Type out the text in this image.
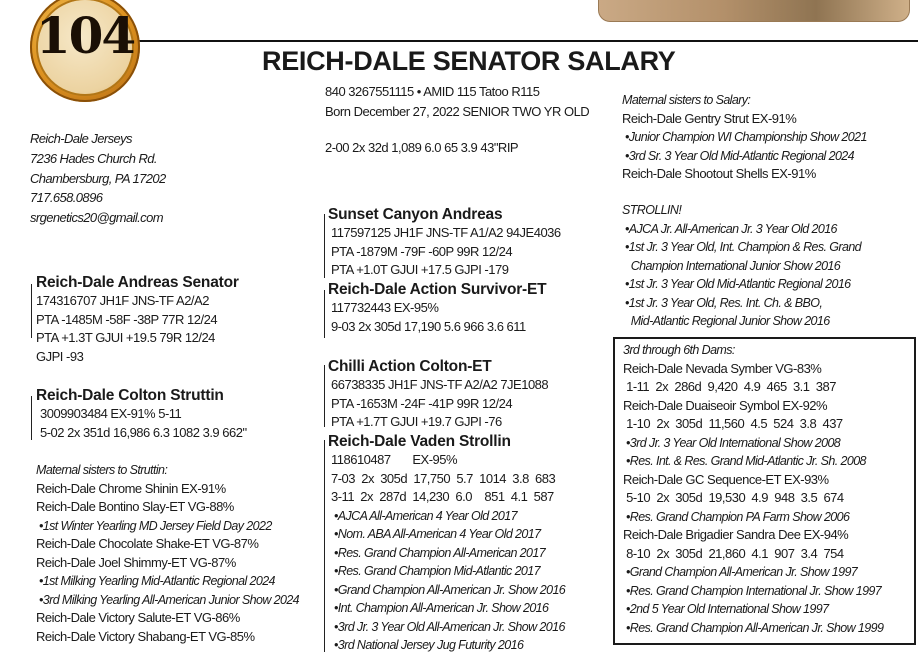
104	REICH-DALE SENATOR SALARY
Reich-Dale Jerseys
7236 Hades Church Rd.
Chambersburg, PA 17202
717.658.0896
srgenetics20@gmail.com
840 3267551115 • AMID 115 Tatoo R115
Born December 27, 2022 SENIOR TWO YR OLD
2-00 2x 32d 1,089 6.0 65 3.9 43"RIP
Reich-Dale Andreas Senator
174316707 JH1F JNS-TF A2/A2
PTA -1485M -58F -38P 77R 12/24
PTA +1.3T GJUI +19.5 79R 12/24
GJPI -93
Reich-Dale Colton Struttin
3009903484 EX-91% 5-11
5-02 2x 351d 16,986 6.3 1082 3.9 662"
Maternal sisters to Struttin:
Reich-Dale Chrome Shinin EX-91%
Reich-Dale Bontino Slay-ET VG-88%
•1st Winter Yearling MD Jersey Field Day 2022
Reich-Dale Chocolate Shake-ET VG-87%
Reich-Dale Joel Shimmy-ET VG-87%
•1st Milking Yearling Mid-Atlantic Regional 2024
•3rd Milking Yearling All-American Junior Show 2024
Reich-Dale Victory Salute-ET VG-86%
Reich-Dale Victory Shabang-ET VG-85%
Sunset Canyon Andreas
117597125 JH1F JNS-TF A1/A2 94JE4036
PTA -1879M -79F -60P 99R 12/24
PTA +1.0T GJUI +17.5 GJPI -179
Reich-Dale Action Survivor-ET
117732443 EX-95%
9-03 2x 305d 17,190 5.6 966 3.6 611
Chilli Action Colton-ET
66738335 JH1F JNS-TF A2/A2 7JE1088
PTA -1653M -24F -41P 99R 12/24
PTA +1.7T GJUI +19.7 GJPI -76
Reich-Dale Vaden Strollin
118610487       EX-95%
7-03  2x  305d  17,750  5.7  1014  3.8  683
3-11  2x  287d  14,230  6.0    851  4.1  587
•AJCA All-American 4 Year Old 2017
•Nom. ABA All-American 4 Year Old 2017
•Res. Grand Champion All-American 2017
•Res. Grand Champion Mid-Atlantic 2017
•Grand Champion All-American Jr. Show 2016
•Int. Champion All-American Jr. Show 2016
•3rd Jr. 3 Year Old All-American Jr. Show 2016
•3rd National Jersey Jug Futurity 2016
Maternal sisters to Salary:
Reich-Dale Gentry Strut EX-91%
•Junior Champion WI Championship Show 2021
•3rd Sr. 3 Year Old Mid-Atlantic Regional 2024
Reich-Dale Shootout Shells EX-91%
STROLLIN!
•AJCA Jr. All-American Jr. 3 Year Old 2016
•1st Jr. 3 Year Old, Int. Champion & Res. Grand
Champion International Junior Show 2016
•1st Jr. 3 Year Old Mid-Atlantic Regional 2016
•1st Jr. 3 Year Old, Res. Int. Ch. & BBO,
Mid-Atlantic Regional Junior Show 2016
3rd through 6th Dams:
Reich-Dale Nevada Symber VG-83%
1-11  2x  286d  9,420  4.9  465  3.1  387
Reich-Dale Duaiseoir Symbol EX-92%
1-10  2x  305d  11,560  4.5  524  3.8  437
•3rd Jr. 3 Year Old International Show 2008
•Res. Int. & Res. Grand Mid-Atlantic Jr. Sh. 2008
Reich-Dale GC Sequence-ET EX-93%
5-10  2x  305d  19,530  4.9  948  3.5  674
•Res. Grand Champion PA Farm Show 2006
Reich-Dale Brigadier Sandra Dee EX-94%
8-10  2x  305d  21,860  4.1  907  3.4  754
•Grand Champion All-American Jr. Show 1997
•Res. Grand Champion International Jr. Show 1997
•2nd 5 Year Old International Show 1997
•Res. Grand Champion All-American Jr. Show 1999
